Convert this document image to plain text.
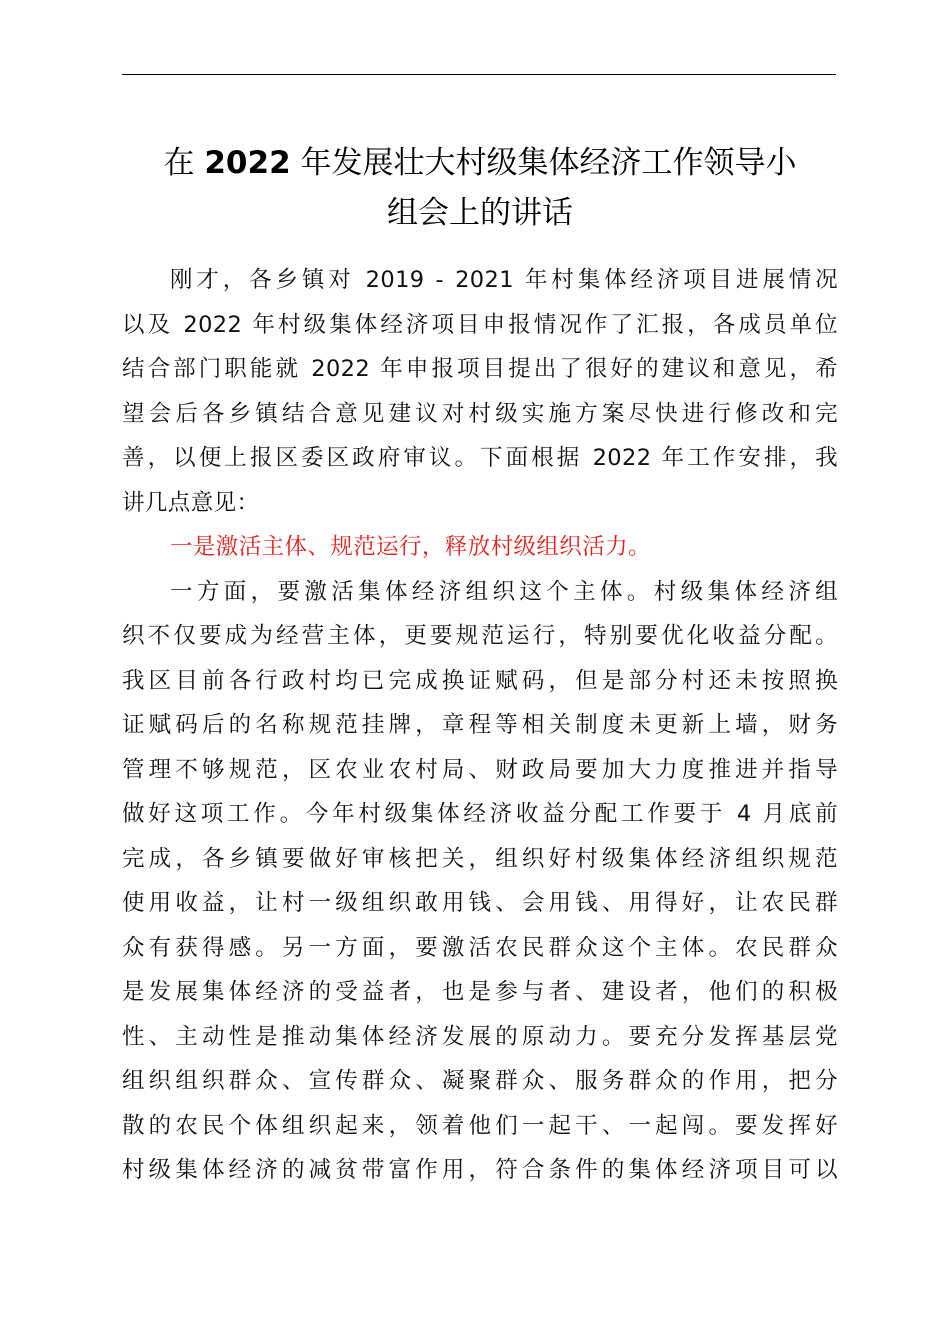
在 2022 年发展壮大村级集体经济工作领导小
组会上的讲话
刚才，各乡镇对 2019 - 2021 年村集体经济项目进展情况
以及 2022 年村级集体经济项目申报情况作了汇报，各成员单位
结合部门职能就 2022 年申报项目提出了很好的建议和意见，希
望会后各乡镇结合意见建议对村级实施方案尽快进行修改和完
善，以便上报区委区政府审议。下面根据 2022 年工作安排，我
讲几点意见：
一是激活主体、规范运行，释放村级组织活力。
一方面，要激活集体经济组织这个主体。村级集体经济组
织不仅要成为经营主体，更要规范运行，特别要优化收益分配。
我区目前各行政村均已完成换证赋码，但是部分村还未按照换
证赋码后的名称规范挂牌，章程等相关制度未更新上墙，财务
管理不够规范，区农业农村局、财政局要加大力度推进并指导
做好这项工作。今年村级集体经济收益分配工作要于 4 月底前
完成，各乡镇要做好审核把关，组织好村级集体经济组织规范
使用收益，让村一级组织敢用钱、会用钱、用得好，让农民群
众有获得感。另一方面，要激活农民群众这个主体。农民群众
是发展集体经济的受益者，也是参与者、建设者，他们的积极
性、主动性是推动集体经济发展的原动力。要充分发挥基层党
组织组织群众、宣传群众、凝聚群众、服务群众的作用，把分
散的农民个体组织起来，领着他们一起干、一起闯。要发挥好
村级集体经济的减贫带富作用，符合条件的集体经济项目可以
